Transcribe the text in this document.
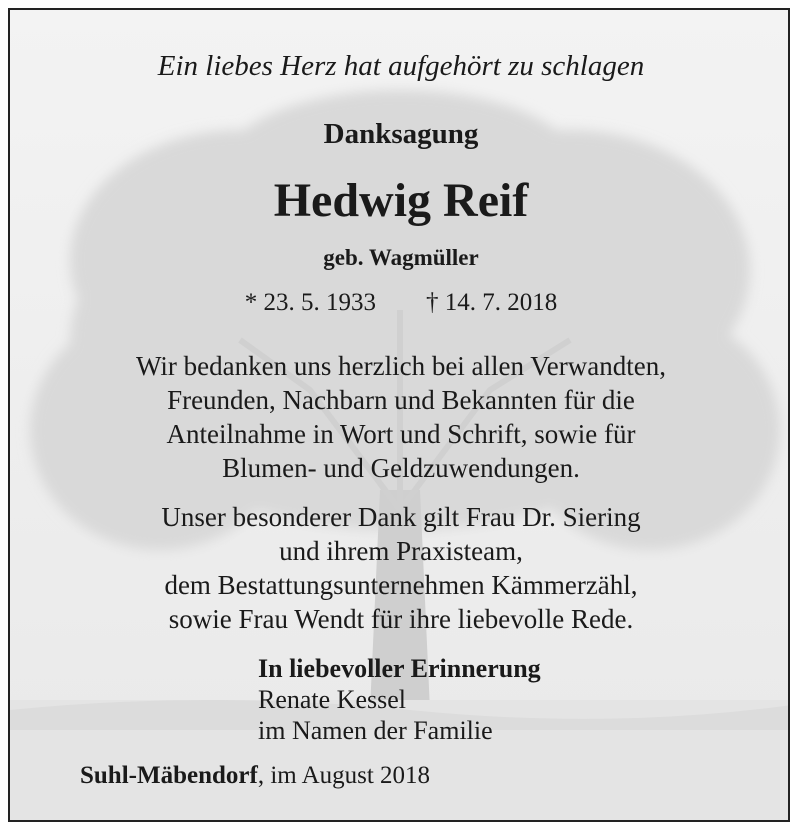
Ein liebes Herz hat aufgehört zu schlagen
Danksagung
Hedwig Reif
geb. Wagmüller
* 23. 5. 1933 † 14. 7. 2018
Wir bedanken uns herzlich bei allen Verwandten,
Freunden, Nachbarn und Bekannten für die
Anteilnahme in Wort und Schrift, sowie für
Blumen- und Geldzuwendungen.
Unser besonderer Dank gilt Frau Dr. Siering
und ihrem Praxisteam,
dem Bestattungsunternehmen Kämmerzähl,
sowie Frau Wendt für ihre liebevolle Rede.
In liebevoller Erinnerung
Renate Kessel
im Namen der Familie
Suhl-Mäbendorf, im August 2018
